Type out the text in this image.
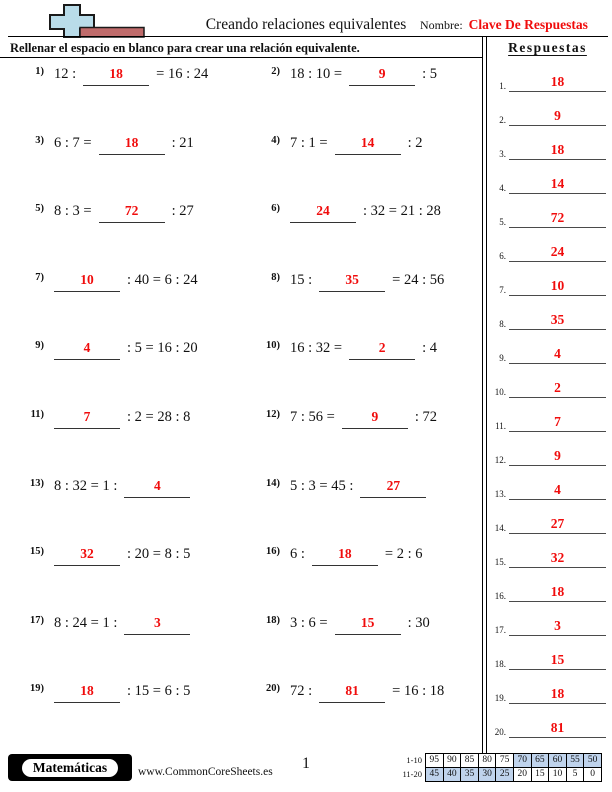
Creando relaciones equivalentes	Nombre: Clave De Respuestas
Rellenar el espacio en blanco para crear una relación equivalente.
1) 12 :	18	= 16 : 24	2) 18 : 10 =	9	: 5
3) 6 : 7 =	18	: 21	4) 7 : 1 =	14	: 2
5) 8 : 3 =	72	: 27	6)	24	: 32 = 21 : 28
7)	10	: 40 = 6 : 24	8) 15 :	35	= 24 : 56
9)	4	: 5 = 16 : 20	10) 16 : 32 =	2	: 4
11)	7	: 2 = 28 : 8	12) 7 : 56 =	9	: 72
13) 8 : 32 = 1 :	4	14) 5 : 3 = 45 :	27
15)	32	: 20 = 8 : 5	16) 6 :	18	= 2 : 6
17) 8 : 24 = 1 :	3	18) 3 : 6 =	15	: 30
19)	18	: 15 = 6 : 5	20) 72 :	81	= 16 : 18
Respuestas
1.	18
2.	9
3.	18
4.	14
5.	72
6.	24
7.	10
8.	35
9.	4
10.	2
11.	7
12.	9
13.	4
14.	27
15.	32
16.	18
17.	3
18.	15
19.	18
20.	81
Matemáticas	www.CommonCoreSheets.es	1	1-10 95 90 85 80 75 70 65 60 55 50
11-20 45 40 35 30 25 20 15 10	5	0
